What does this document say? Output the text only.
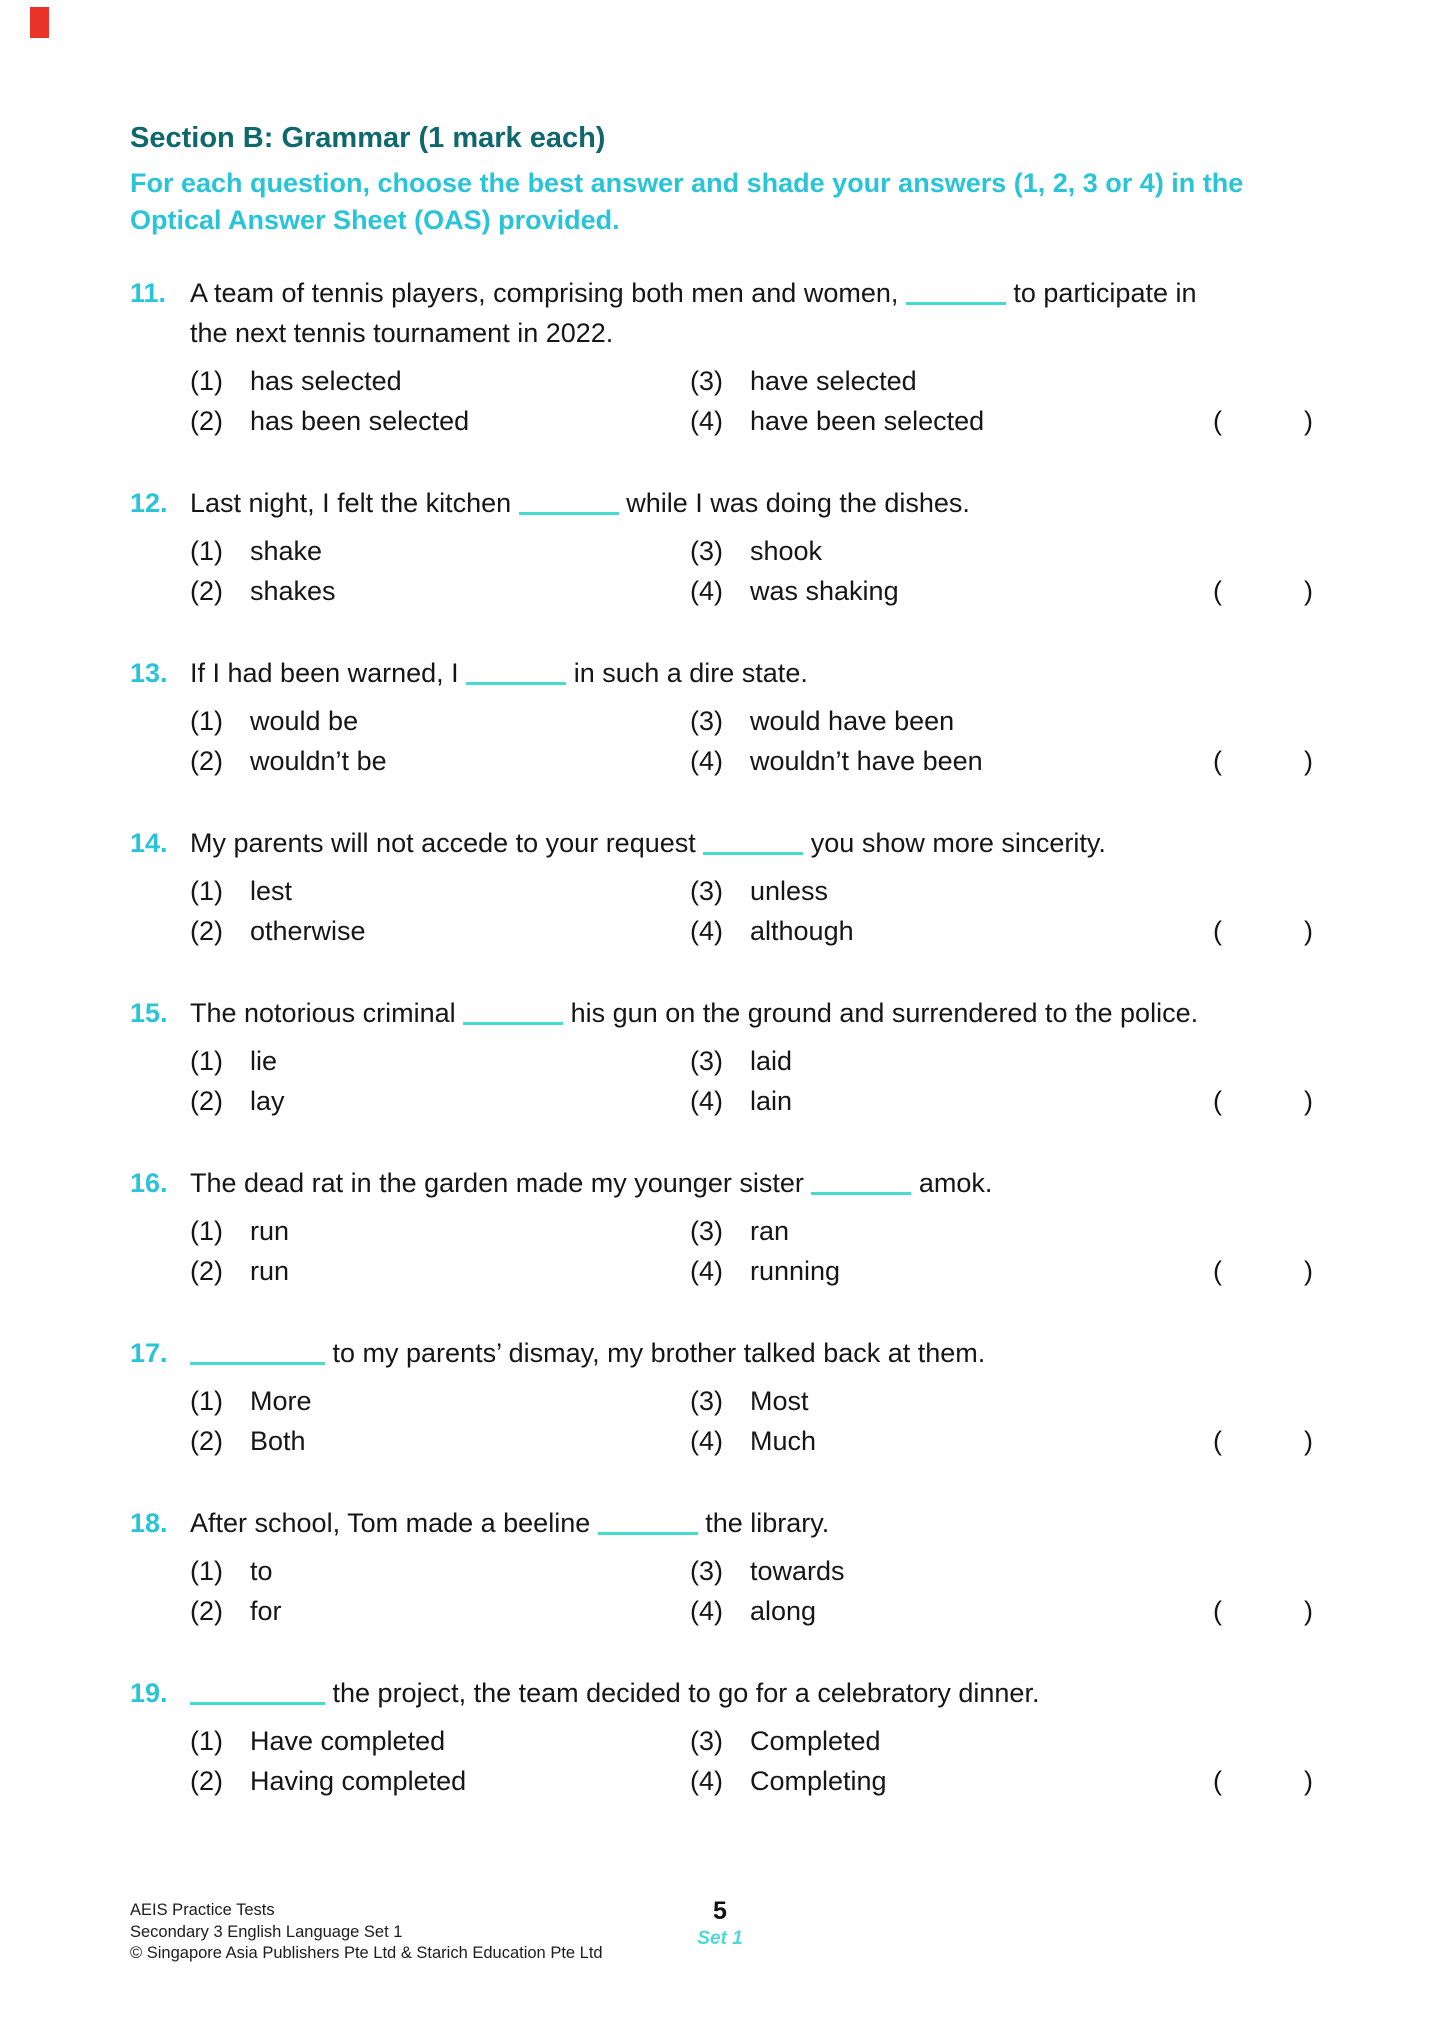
Section B: Grammar (1 mark each)
For each question, choose the best answer and shade your answers (1, 2, 3 or 4) in the
Optical Answer Sheet (OAS) provided.
11. A team of tennis players, comprising both men and women,	to participate in
the next tennis tournament in 2022.
(1)	has selected	(3)	have selected
(2)	has been selected	(4)	have been selected	(	)
12. Last night, I felt the kitchen	while I was doing the dishes.
(1)	shake	(3)	shook
(2)	shakes	(4)	was shaking	(	)
13. If I had been warned, I	in such a dire state.
(1)	would be	(3)	would have been
(2)	wouldn’t be	(4)	wouldn’t have been	(	)
14. My parents will not accede to your request	you show more sincerity.
(1)	lest	(3)	unless
(2)	otherwise	(4)	although	(	)
15. The notorious criminal	his gun on the ground and surrendered to the police.
(1)	lie	(3)	laid
(2)	lay	(4)	lain	(	)
16. The dead rat in the garden made my younger sister	amok.
(1)	run	(3)	ran
(2)	run	(4)	running	(	)
17.	to my parents’ dismay, my brother talked back at them.
(1)	More	(3)	Most
(2)	Both	(4)	Much	(	)
18. After school, Tom made a beeline	the library.
(1)	to	(3)	towards
(2)	for	(4)	along	(	)
19.	the project, the team decided to go for a celebratory dinner.
(1)	Have completed	(3)	Completed
(2)	Having completed	(4)	Completing	(	)
AEIS Practice Tests
Secondary 3 English Language Set 1
© Singapore Asia Publishers Pte Ltd & Starich Education Pte Ltd
5
Set 1
